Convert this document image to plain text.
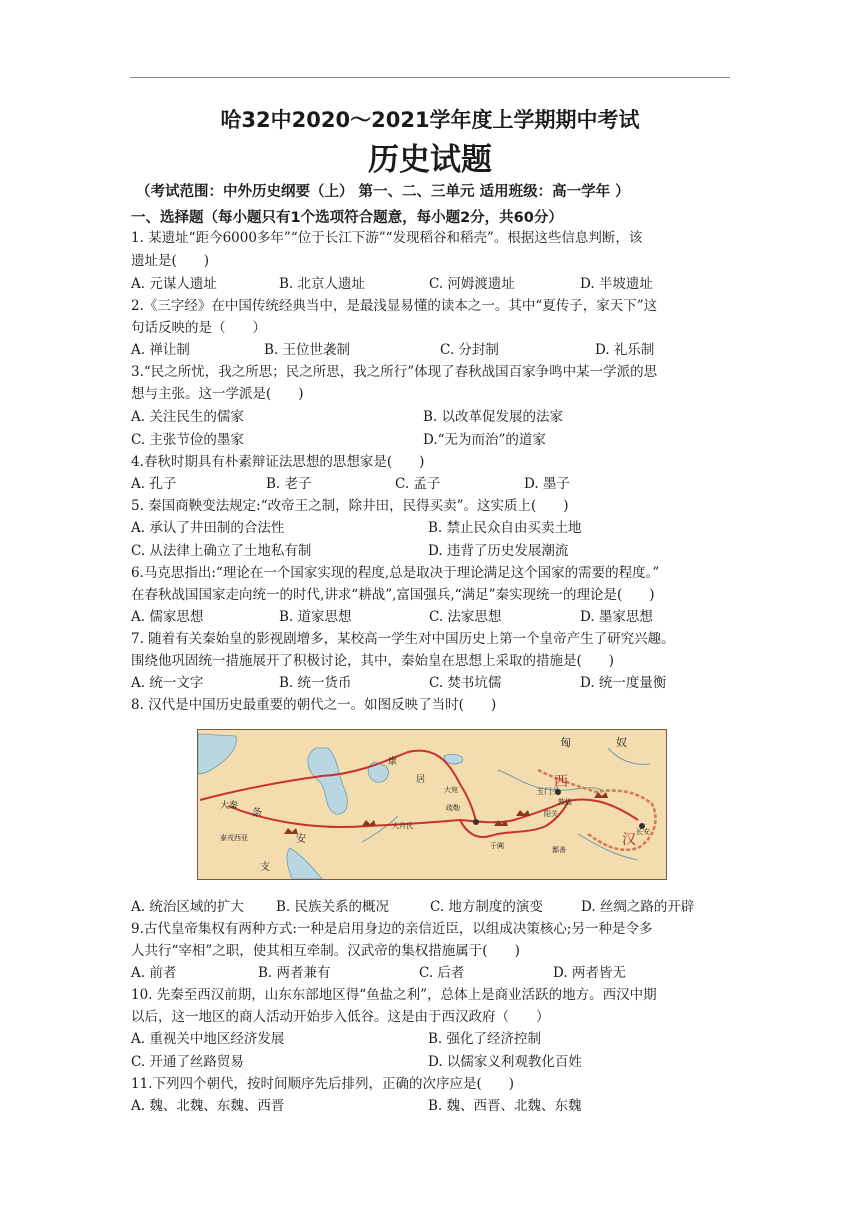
哈32中2020～2021学年度上学期期中考试
历史试题
（考试范围：中外历史纲要（上） 第一、二、三单元 适用班级：高一学年 ）
一、选择题（每小题只有1个选项符合题意，每小题2分，共60分）
1. 某遗址“距今6000多年”“位于长江下游”“发现稻谷和稻壳”。根据这些信息判断，该
遗址是(　　)
A. 元谋人遗址	B. 北京人遗址	C. 河姆渡遗址	D. 半坡遗址
2.《三字经》在中国传统经典当中，是最浅显易懂的读本之一。其中“夏传子，家天下”这
句话反映的是（　　）
A. 禅让制	B. 王位世袭制	C. 分封制	D. 礼乐制
3.“民之所忧，我之所思；民之所思，我之所行”体现了春秋战国百家争鸣中某一学派的思
想与主张。这一学派是(　　)
A. 关注民生的儒家	B. 以改革促发展的法家
C. 主张节俭的墨家	D.“无为而治”的道家
4.春秋时期具有朴素辩证法思想的思想家是(　　)
A. 孔子	B. 老子	C. 孟子	D. 墨子
5. 秦国商鞅变法规定:“改帝王之制，除井田，民得买卖”。这实质上(　　)
A. 承认了井田制的合法性	B. 禁止民众自由买卖土地
C. 从法律上确立了土地私有制	D. 违背了历史发展潮流
6.马克思指出:“理论在一个国家实现的程度,总是取决于理论满足这个国家的需要的程度。”
在春秋战国国家走向统一的时代,讲求“耕战”,富国强兵,“满足”秦实现统一的理论是(　　)
A. 儒家思想	B. 道家思想	C. 法家思想	D. 墨家思想
7. 随着有关秦始皇的影视剧增多，某校高一学生对中国历史上第一个皇帝产生了研究兴趣。
围绕他巩固统一措施展开了积极讨论，其中，秦始皇在思想上采取的措施是(　　)
A. 统一文字	B. 统一货币	C. 焚书坑儒	D. 统一度量衡
8. 汉代是中国历史最重要的朝代之一。如图反映了当时(　　)
匈	奴
康
居
大宛
大月氏
疏勒
玉门关
敦煌
阳关
西
汉 长安
于阗	鄯善
安
条
支
大秦
泰戎西亚
A. 统治区域的扩大 B. 民族关系的概况	C. 地方制度的演变	D. 丝绸之路的开辟
9.古代皇帝集权有两种方式:一种是启用身边的亲信近臣，以组成决策核心;另一种是令多
人共行“宰相”之职，使其相互牵制。汉武帝的集权措施属于(　　)
A. 前者	B. 两者兼有	C. 后者	D. 两者皆无
10. 先秦至西汉前期，山东东部地区得“鱼盐之利”，总体上是商业活跃的地方。西汉中期
以后，这一地区的商人活动开始步入低谷。这是由于西汉政府（　　）
A. 重视关中地区经济发展	B. 强化了经济控制
C. 开通了丝路贸易	D. 以儒家义利观教化百姓
11.下列四个朝代，按时间顺序先后排列，正确的次序应是(　　)
A. 魏、北魏、东魏、西晋	B. 魏、西晋、北魏、东魏
